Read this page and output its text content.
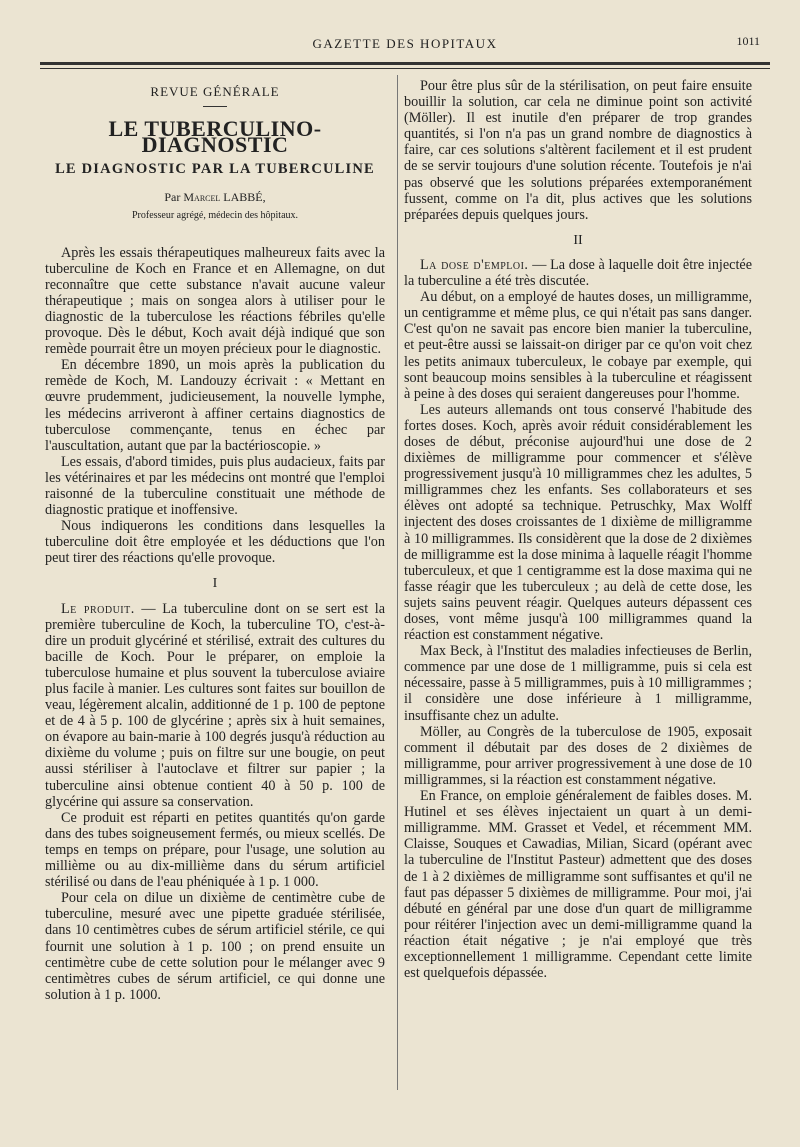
GAZETTE DES HOPITAUX	1011
REVUE GÉNÉRALE
LE TUBERCULINO-DIAGNOSTIC
LE DIAGNOSTIC PAR LA TUBERCULINE
Par Marcel LABBÉ,
Professeur agrégé, médecin des hôpitaux.

Après les essais thérapeutiques malheureux faits avec la tuberculine de Koch en France et en Allemagne, on dut reconnaître que cette substance n'avait aucune valeur thérapeutique ; mais on songea alors à utiliser pour le diagnostic de la tuberculose les réactions fébriles qu'elle provoque. Dès le début, Koch avait déjà indiqué que son remède pourrait être un moyen précieux pour le diagnostic.

En décembre 1890, un mois après la publication du remède de Koch, M. Landouzy écrivait : « Mettant en œuvre prudemment, judicieusement, la nouvelle lymphe, les médecins arriveront à affiner certains diagnostics de tuberculose commençante, tenus en échec par l'auscultation, autant que par la bactérioscopie. »

Les essais, d'abord timides, puis plus audacieux, faits par les vétérinaires et par les médecins ont montré que l'emploi raisonné de la tuberculine constituait une méthode de diagnostic pratique et inoffensive.

Nous indiquerons les conditions dans lesquelles la tuberculine doit être employée et les déductions que l'on peut tirer des réactions qu'elle provoque.

I

Le produit. — La tuberculine dont on se sert est la première tuberculine de Koch, la tuberculine TO, c'est-à-dire un produit glycériné et stérilisé, extrait des cultures du bacille de Koch. Pour le préparer, on emploie la tuberculose humaine et plus souvent la tuberculose aviaire plus facile à manier. Les cultures sont faites sur bouillon de veau, légèrement alcalin, additionné de 1 p. 100 de peptone et de 4 à 5 p. 100 de glycérine ; après six à huit semaines, on évapore au bain-marie à 100 degrés jusqu'à réduction au dixième du volume ; puis on filtre sur une bougie, on peut aussi stériliser à l'autoclave et filtrer sur papier ; la tuberculine ainsi obtenue contient 40 à 50 p. 100 de glycérine qui assure sa conservation.

Ce produit est réparti en petites quantités qu'on garde dans des tubes soigneusement fermés, ou mieux scellés. De temps en temps on prépare, pour l'usage, une solution au millième ou au dix-millième dans du sérum artificiel stérilisé ou dans de l'eau phéniquée à 1 p. 1 000.

Pour cela on dilue un dixième de centimètre cube de tuberculine, mesuré avec une pipette graduée stérilisée, dans 10 centimètres cubes de sérum artificiel stérile, ce qui fournit une solution à 1 p. 100 ; on prend ensuite un centimètre cube de cette solution pour le mélanger avec 9 centimètres cubes de sérum artificiel, ce qui donne une solution à 1 p. 1000.

Pour être plus sûr de la stérilisation, on peut faire ensuite bouillir la solution, car cela ne diminue point son activité (Möller). Il est inutile d'en préparer de trop grandes quantités, si l'on n'a pas un grand nombre de diagnostics à faire, car ces solutions s'altèrent facilement et il est prudent de se servir toujours d'une solution récente. Toutefois je n'ai pas observé que les solutions préparées extemporanément fussent, comme on l'a dit, plus actives que les solutions préparées depuis quelques jours.

II

La dose d'emploi. — La dose à laquelle doit être injectée la tuberculine a été très discutée.

Au début, on a employé de hautes doses, un milligramme, un centigramme et même plus, ce qui n'était pas sans danger. C'est qu'on ne savait pas encore bien manier la tuberculine, et peut-être aussi se laissait-on diriger par ce qu'on voit chez les petits animaux tuberculeux, le cobaye par exemple, qui sont beaucoup moins sensibles à la tuberculine et réagissent à peine à des doses qui seraient dangereuses pour l'homme.

Les auteurs allemands ont tous conservé l'habitude des fortes doses. Koch, après avoir réduit considérablement les doses de début, préconise aujourd'hui une dose de 2 dixièmes de milligramme pour commencer et s'élève progressivement jusqu'à 10 milligrammes chez les adultes, 5 milligrammes chez les enfants. Ses collaborateurs et ses élèves ont adopté sa technique. Petruschky, Max Wolff injectent des doses croissantes de 1 dixième de milligramme à 10 milligrammes. Ils considèrent que la dose de 2 dixièmes de milligramme est la dose minima à laquelle réagit l'homme tuberculeux, et que 1 centigramme est la dose maxima qui ne fasse réagir que les tuberculeux ; au delà de cette dose, les sujets sains peuvent réagir. Quelques auteurs dépassent ces doses, vont même jusqu'à 100 milligrammes quand la réaction est constamment négative.

Max Beck, à l'Institut des maladies infectieuses de Berlin, commence par une dose de 1 milligramme, puis si cela est nécessaire, passe à 5 milligrammes, puis à 10 milligrammes ; il considère une dose inférieure à 1 milligramme, insuffisante chez un adulte.

Möller, au Congrès de la tuberculose de 1905, exposait comment il débutait par des doses de 2 dixièmes de milligramme, pour arriver progressivement à une dose de 10 milligrammes, si la réaction est constamment négative.

En France, on emploie généralement de faibles doses. M. Hutinel et ses élèves injectaient un quart à un demi-milligramme. MM. Grasset et Vedel, et récemment MM. Claisse, Souques et Cawadias, Milian, Sicard (opérant avec la tuberculine de l'Institut Pasteur) admettent que des doses de 1 à 2 dixièmes de milligramme sont suffisantes et qu'il ne faut pas dépasser 5 dixièmes de milligramme. Pour moi, j'ai débuté en général par une dose d'un quart de milligramme pour réitérer l'injection avec un demi-milligramme quand la réaction était négative ; je n'ai employé que très exceptionnellement 1 milligramme. Cependant cette limite est quelquefois dépassée.
